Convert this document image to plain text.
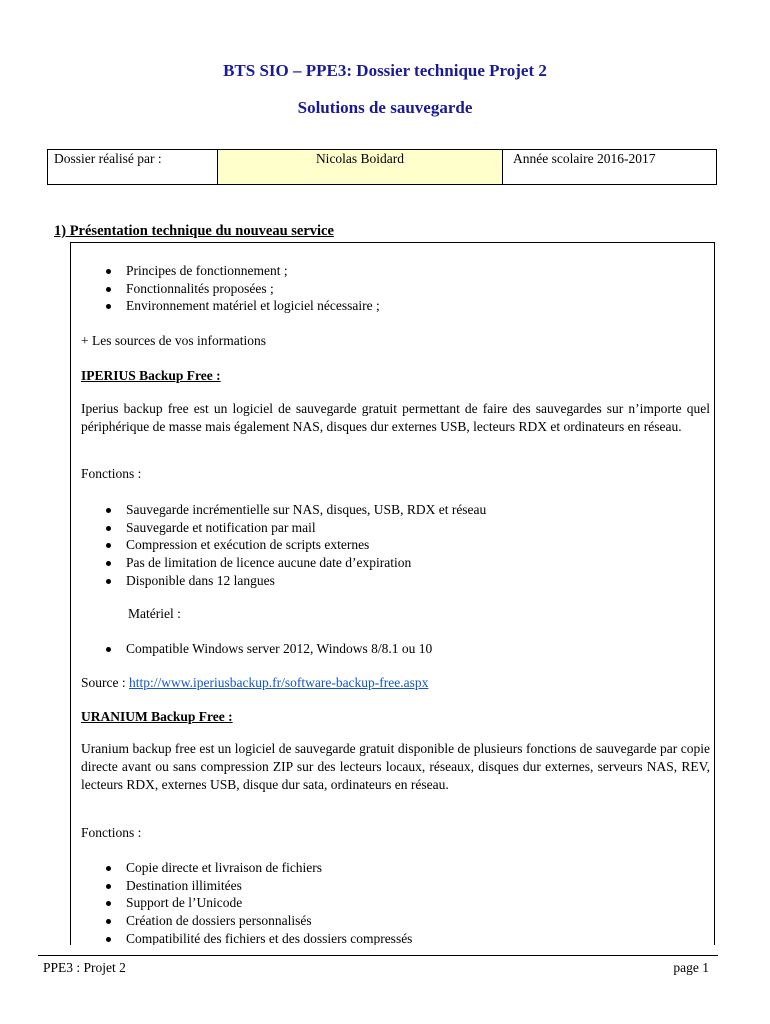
BTS SIO – PPE3: Dossier technique Projet 2
Solutions de sauvegarde
Dossier réalisé par :	Nicolas Boidard	Année scolaire 2016-2017
1) Présentation technique du nouveau service
Principes de fonctionnement ;
Fonctionnalités proposées ;
Environnement matériel et logiciel nécessaire ;

+ Les sources de vos informations

IPERIUS Backup Free :

Iperius backup free est un logiciel de sauvegarde gratuit permettant de faire des sauvegardes sur n’importe quel périphérique de masse mais également NAS, disques dur externes USB, lecteurs RDX et ordinateurs en réseau.

Fonctions :

Sauvegarde incrémentielle sur NAS, disques, USB, RDX et réseau
Sauvegarde et notification par mail
Compression et exécution de scripts externes
Pas de limitation de licence aucune date d’expiration
Disponible dans 12 langues

Matériel :

Compatible Windows server 2012, Windows 8/8.1 ou 10

Source : http://www.iperiusbackup.fr/software-backup-free.aspx

URANIUM Backup Free :

Uranium backup free est un logiciel de sauvegarde gratuit disponible de plusieurs fonctions de sauvegarde par copie directe avant ou sans compression ZIP sur des lecteurs locaux, réseaux, disques dur externes, serveurs NAS, REV, lecteurs RDX, externes USB, disque dur sata, ordinateurs en réseau.

Fonctions :

Copie directe et livraison de fichiers
Destination illimitées
Support de l’Unicode
Création de dossiers personnalisés
Compatibilité des fichiers et des dossiers compressés
PPE3 : Projet 2	page 1
